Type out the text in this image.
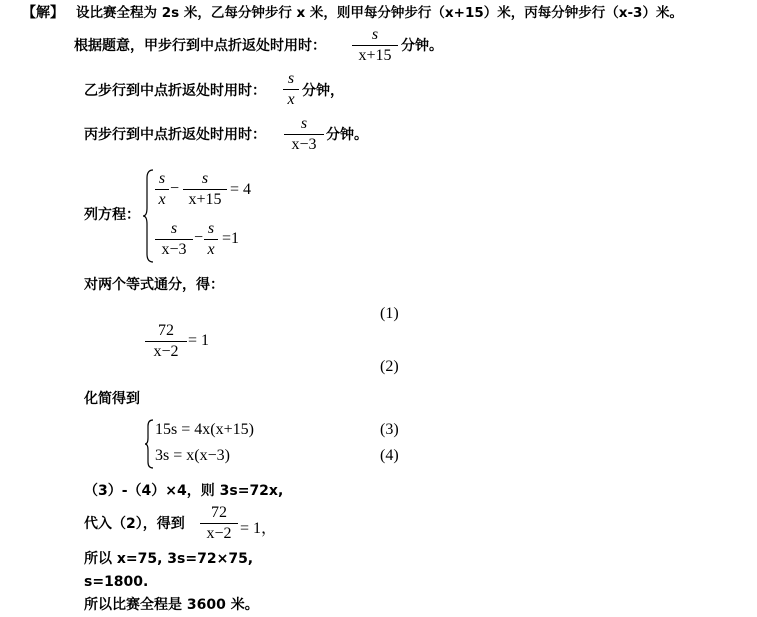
【解】 设比赛全程为 2s 米，乙每分钟步行 x 米，则甲每分钟步行（x+15）米，丙每分钟步行（x-3）米。
根据题意，甲步行到中点折返处时用时：
s
x+15
分钟。
乙步行到中点折返处时用时：
s
x 分钟，
丙步行到中点折返处时用时：
s
x−3
分钟。
列方程：
s
x
−
s
x+15
= 4
s
x−3
−
s
x
=1
对两个等式通分，得：
(1)
72
x−2
= 1
(2)
化简得到
15s = 4x(x+15)	(3)
3s = x(x−3)	(4)
（3）-（4）×4，则 3s=72x,
代入（2），得到
72
x−2 = 1，
所以 x=75, 3s=72×75,
s=1800.
所以比赛全程是 3600 米。
